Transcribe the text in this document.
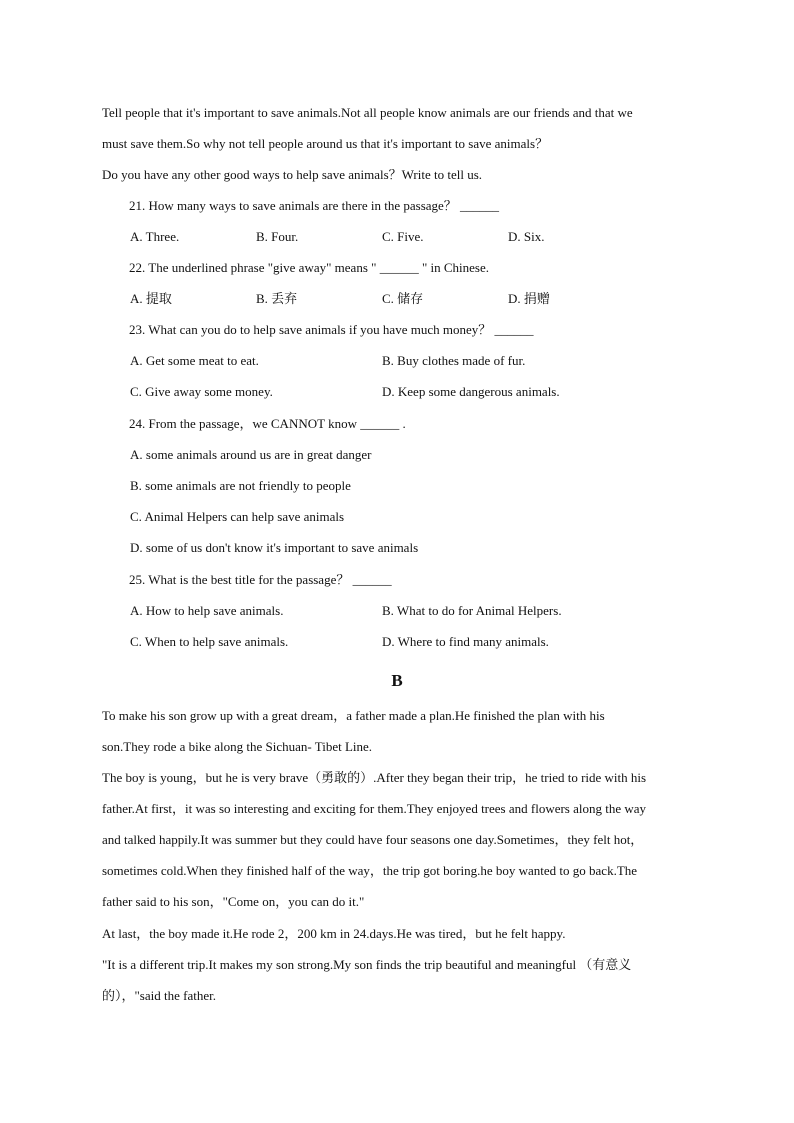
Tell people that it's important to save animals.Not all people know animals are our friends and that we
must save them.So why not tell people around us that it's important to save animals？
Do you have any other good ways to help save animals？Write to tell us.
21. How many ways to save animals are there in the passage？ ______
A. Three.	B. Four.	C. Five.	D. Six.
22. The underlined phrase "give away" means " ______ " in Chinese.
A. 提取	B. 丢弃	C. 储存	D. 捐赠
23. What can you do to help save animals if you have much money？ ______
A. Get some meat to eat.	B. Buy clothes made of fur.
C. Give away some money.	D. Keep some dangerous animals.
24. From the passage，we CANNOT know ______ .
A. some animals around us are in great danger
B. some animals are not friendly to people
C. Animal Helpers can help save animals
D. some of us don't know it's important to save animals
25. What is the best title for the passage？ ______
A. How to help save animals.	B. What to do for Animal Helpers.
C. When to help save animals.	D. Where to find many animals.
B
To make his son grow up with a great dream，a father made a plan.He finished the plan with his
son.They rode a bike along the Sichuan- Tibet Line.
The boy is young，but he is very brave（勇敢的）.After they began their trip，he tried to ride with his
father.At first，it was so interesting and exciting for them.They enjoyed trees and flowers along the way
and talked happily.It was summer but they could have four seasons one day.Sometimes，they felt hot，
sometimes cold.When they finished half of the way，the trip got boring.he boy wanted to go back.The
father said to his son，"Come on，you can do it."
At last，the boy made it.He rode 2，200 km in 24.days.He was tired，but he felt happy.
"It is a different trip.It makes my son strong.My son finds the trip beautiful and meaningful （有意义
的），"said the father.
